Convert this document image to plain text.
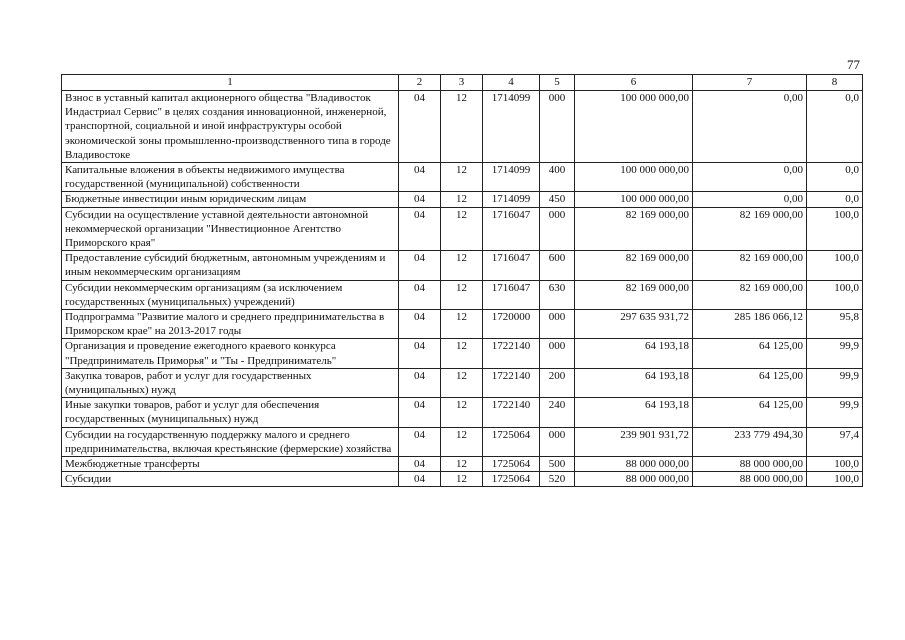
77
1	2	3	4	5	6	7	8
Взнос в уставный капитал акционерного общества "Владивосток Индастриал Сервис" в целях создания инновационной, инженерной, транспортной, социальной и иной инфраструктуры особой экономической зоны промышленно-производственного типа в городе Владивостоке	04	12	1714099	000	100 000 000,00	0,00	0,0
Капитальные вложения в объекты недвижимого имущества государственной (муниципальной) собственности	04	12	1714099	400	100 000 000,00	0,00	0,0
Бюджетные инвестиции иным юридическим лицам	04	12	1714099	450	100 000 000,00	0,00	0,0
Субсидии на осуществление уставной деятельности автономной некоммерческой организации "Инвестиционное Агентство Приморского края"	04	12	1716047	000	82 169 000,00	82 169 000,00	100,0
Предоставление субсидий бюджетным, автономным учреждениям и иным некоммерческим организациям	04	12	1716047	600	82 169 000,00	82 169 000,00	100,0
Субсидии некоммерческим организациям (за исключением государственных (муниципальных) учреждений)	04	12	1716047	630	82 169 000,00	82 169 000,00	100,0
Подпрограмма "Развитие малого и среднего предпринимательства в Приморском крае" на 2013-2017 годы	04	12	1720000	000	297 635 931,72	285 186 066,12	95,8
Организация и проведение ежегодного краевого конкурса "Предприниматель Приморья" и "Ты - Предприниматель"	04	12	1722140	000	64 193,18	64 125,00	99,9
Закупка товаров, работ и услуг для государственных (муниципальных) нужд	04	12	1722140	200	64 193,18	64 125,00	99,9
Иные закупки товаров, работ и услуг для обеспечения государственных (муниципальных) нужд	04	12	1722140	240	64 193,18	64 125,00	99,9
Субсидии на государственную поддержку малого и среднего предпринимательства, включая крестьянские (фермерские) хозяйства	04	12	1725064	000	239 901 931,72	233 779 494,30	97,4
Межбюджетные трансферты	04	12	1725064	500	88 000 000,00	88 000 000,00	100,0
Субсидии	04	12	1725064	520	88 000 000,00	88 000 000,00	100,0
